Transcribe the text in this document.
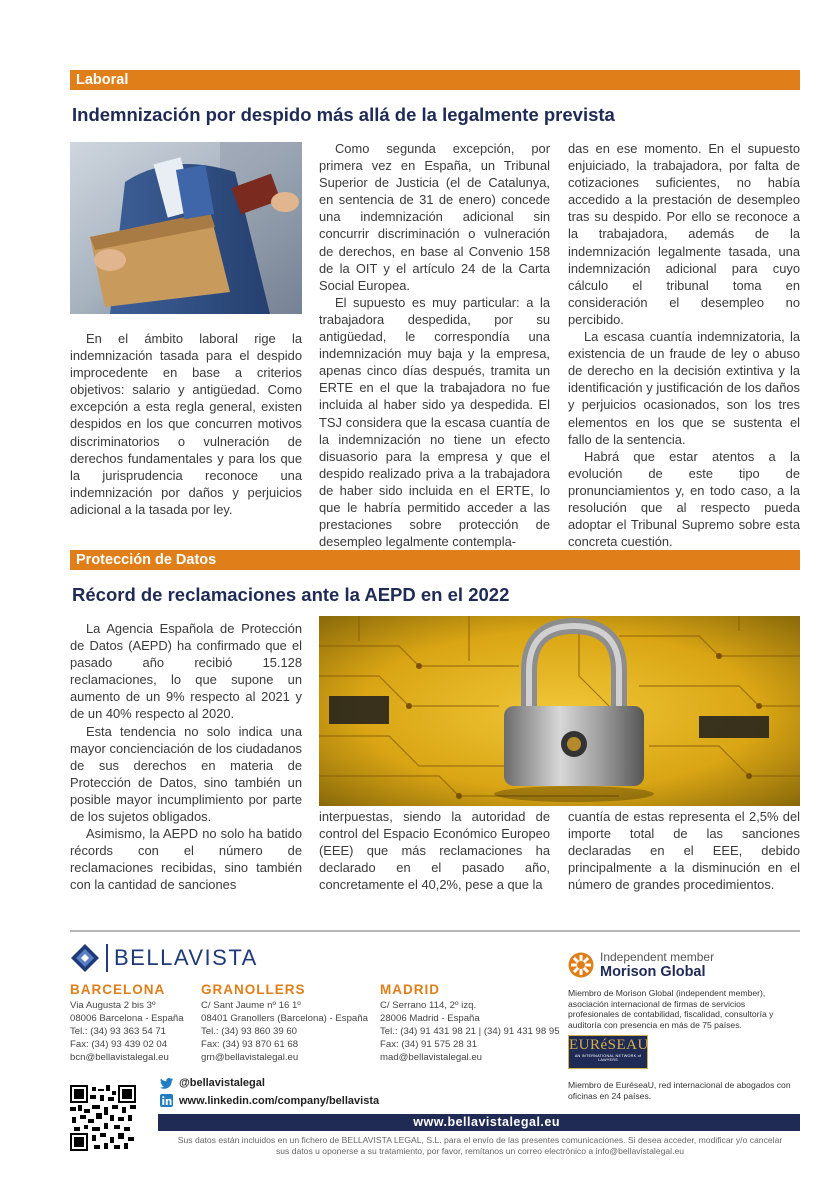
Laboral
Indemnización por despido más allá de la legalmente prevista

En el ámbito laboral rige la indemnización tasada para el despido improcedente en base a criterios objetivos: salario y antigüedad. Como excepción a esta regla general, existen despidos en los que concurren motivos discriminatorios o vulneración de derechos fundamentales y para los que la jurisprudencia reconoce una indemnización por daños y perjuicios adicional a la tasada por ley.

Como segunda excepción, por primera vez en España, un Tribunal Superior de Justicia (el de Catalunya, en sentencia de 31 de enero) concede una indemnización adicional sin concurrir discriminación o vulneración de derechos, en base al Convenio 158 de la OIT y el artículo 24 de la Carta Social Europea.

El supuesto es muy particular: a la trabajadora despedida, por su antigüedad, le correspondía una indemnización muy baja y la empresa, apenas cinco días después, tramita un ERTE en el que la trabajadora no fue incluida al haber sido ya despedida. El TSJ considera que la escasa cuantía de la indemnización no tiene un efecto disuasorio para la empresa y que el despido realizado priva a la trabajadora de haber sido incluida en el ERTE, lo que le habría permitido acceder a las prestaciones sobre protección de desempleo legalmente contempla-

das en ese momento. En el supuesto enjuiciado, la trabajadora, por falta de cotizaciones suficientes, no había accedido a la prestación de desempleo tras su despido. Por ello se reconoce a la trabajadora, además de la indemnización legalmente tasada, una indemnización adicional para cuyo cálculo el tribunal toma en consideración el desempleo no percibido.

La escasa cuantía indemnizatoria, la existencia de un fraude de ley o abuso de derecho en la decisión extintiva y la identificación y justificación de los daños y perjuicios ocasionados, son los tres elementos en los que se sustenta el fallo de la sentencia.

Habrá que estar atentos a la evolución de este tipo de pronunciamientos y, en todo caso, a la resolución que al respecto pueda adoptar el Tribunal Supremo sobre esta concreta cuestión.

Protección de Datos
Récord de reclamaciones ante la AEPD en el 2022

La Agencia Española de Protección de Datos (AEPD) ha confirmado que el pasado año recibió 15.128 reclamaciones, lo que supone un aumento de un 9% respecto al 2021 y de un 40% respecto al 2020.

Esta tendencia no solo indica una mayor concienciación de los ciudadanos de sus derechos en materia de Protección de Datos, sino también un posible mayor incumplimiento por parte de los sujetos obligados.

Asimismo, la AEPD no solo ha batido récords con el número de reclamaciones recibidas, sino también con la cantidad de sanciones

interpuestas, siendo la autoridad de control del Espacio Económico Europeo (EEE) que más reclamaciones ha declarado en el pasado año, concretamente el 40,2%, pese a que la

cuantía de estas representa el 2,5% del importe total de las sanciones declaradas en el EEE, debido principalmente a la disminución en el número de grandes procedimientos.

BELLAVISTA
BARCELONA
Via Augusta 2 bis 3º
08006 Barcelona - España
Tel.: (34) 93 363 54 71
Fax: (34) 93 439 02 04
bcn@bellavistalegal.eu
GRANOLLERS
C/ Sant Jaume nº 16 1º
08401 Granollers (Barcelona) - España
Tel.: (34) 93 860 39 60
Fax: (34) 93 870 61 68
grn@bellavistalegal.eu
MADRID
C/ Serrano 114, 2º izq.
28006 Madrid - España
Tel.: (34) 91 431 98 21 | (34) 91 431 98 95
Fax: (34) 91 575 28 31
mad@bellavistalegal.eu
Independent member
Morison Global
Miembro de Morison Global (independent member), asociación internacional de firmas de servicios profesionales de contabilidad, fiscalidad, consultoría y auditoría con presencia en más de 75 países.
EURéSEAU
AN INTERNATIONAL NETWORK of LAWYERS
Miembro de EuréseaU, red internacional de abogados con oficinas en 24 países.
@bellavistalegal
www.linkedin.com/company/bellavista
www.bellavistalegal.eu
Sus datos están incluidos en un fichero de BELLAVISTA LEGAL, S.L. para el envío de las presentes comunicaciones. Si desea acceder, modificar y/o cancelar sus datos u oponerse a su tratamiento, por favor, remítanos un correo electrónico a info@bellavistalegal.eu
